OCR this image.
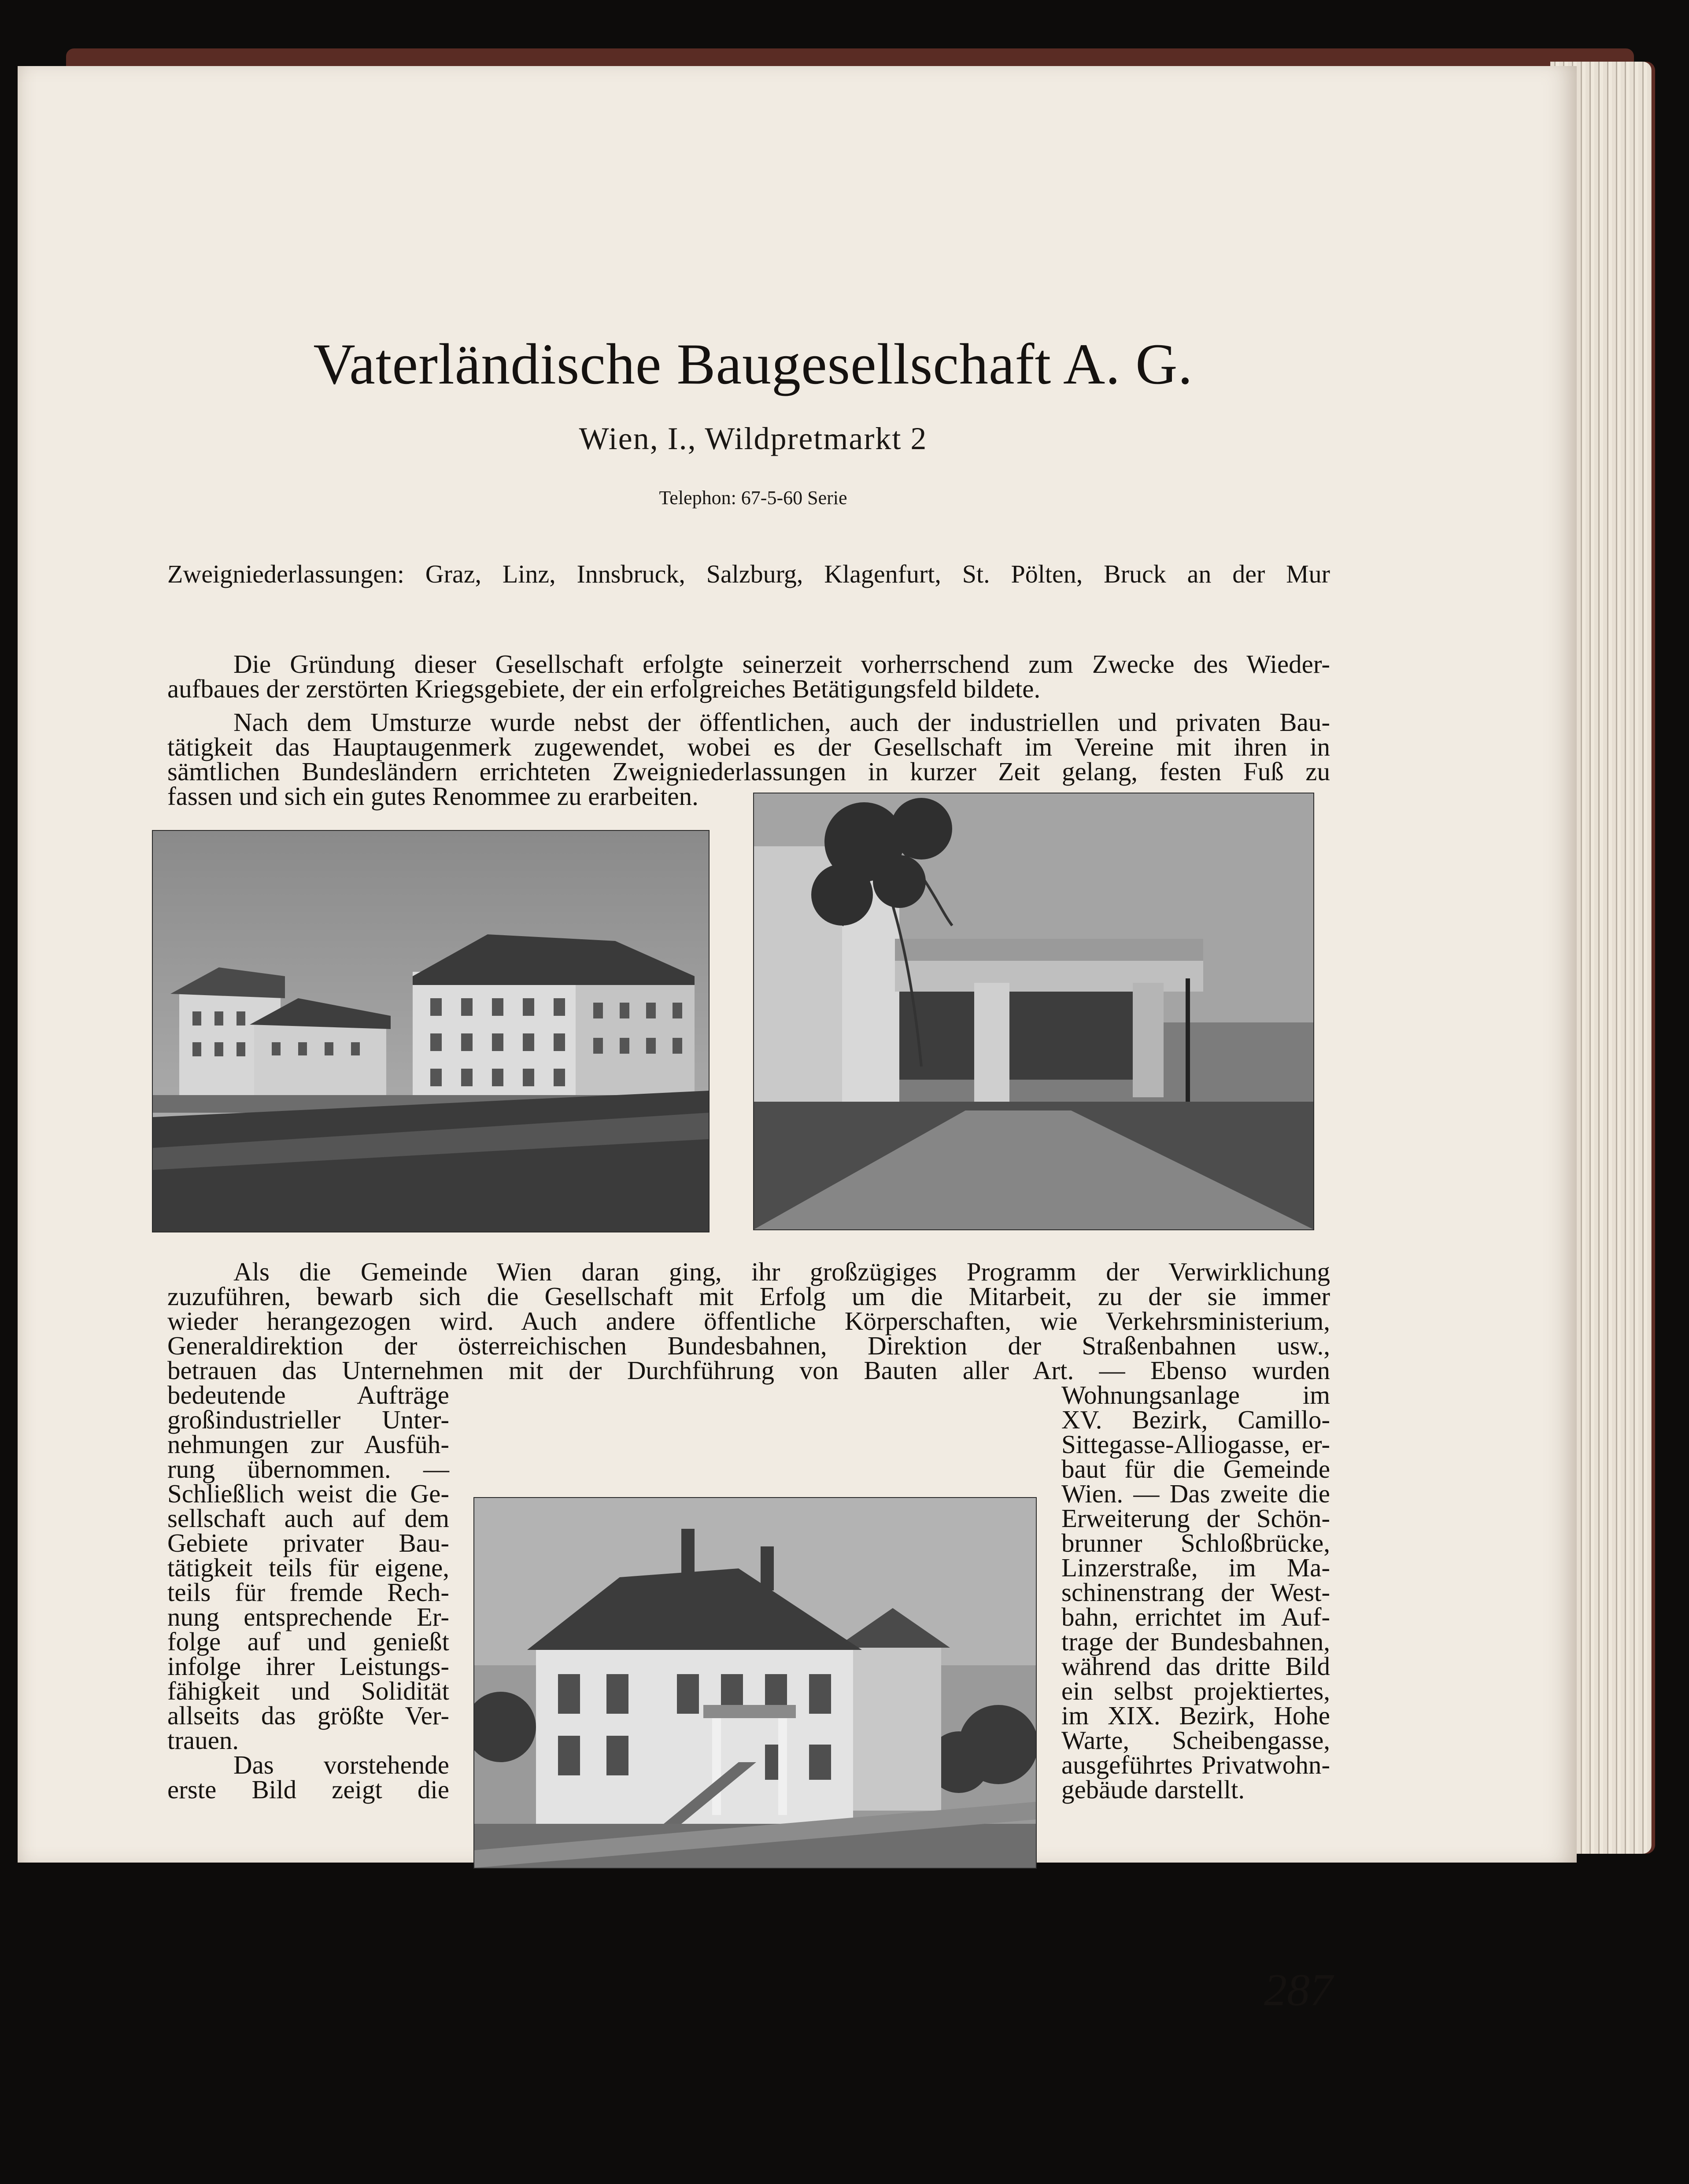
Vaterländische Baugesellschaft A. G.
Wien, I., Wildpretmarkt 2
Telephon: 67-5-60 Serie
Zweigniederlassungen: Graz, Linz, Innsbruck, Salzburg, Klagenfurt, St. Pölten, Bruck an der Mur
Die Gründung dieser Gesellschaft erfolgte seinerzeit vorherrschend zum Zwecke des Wieder-
aufbaues der zerstörten Kriegsgebiete, der ein erfolgreiches Betätigungsfeld bildete.
Nach dem Umsturze wurde nebst der öffentlichen, auch der industriellen und privaten Bau-
tätigkeit das Hauptaugenmerk zugewendet, wobei es der Gesellschaft im Vereine mit ihren in
sämtlichen Bundesländern errichteten Zweigniederlassungen in kurzer Zeit gelang, festen Fuß zu
fassen und sich ein gutes Renommee zu erarbeiten.
Als die Gemeinde Wien daran ging, ihr großzügiges Programm der Verwirklichung
zuzuführen, bewarb sich die Gesellschaft mit Erfolg um die Mitarbeit, zu der sie immer
wieder herangezogen wird. Auch andere öffentliche Körperschaften, wie Verkehrsministerium,
Generaldirektion der österreichischen Bundesbahnen, Direktion der Straßenbahnen usw.,
betrauen das Unternehmen mit der Durchführung von Bauten aller Art. — Ebenso wurden
bedeutende Aufträge
großindustrieller Unter-
nehmungen zur Ausfüh-
rung übernommen. —
Schließlich weist die Ge-
sellschaft auch auf dem
Gebiete privater Bau-
tätigkeit teils für eigene,
teils für fremde Rech-
nung entsprechende Er-
folge auf und genießt
infolge ihrer Leistungs-
fähigkeit und Solidität
allseits das größte Ver-
trauen.
Das vorstehende
erste Bild zeigt die
Wohnungsanlage im
XV. Bezirk, Camillo-
Sittegasse-Alliogasse, er-
baut für die Gemeinde
Wien. — Das zweite die
Erweiterung der Schön-
brunner Schloßbrücke,
Linzerstraße, im Ma-
schinenstrang der West-
bahn, errichtet im Auf-
trage der Bundesbahnen,
während das dritte Bild
ein selbst projektiertes,
im XIX. Bezirk, Hohe
Warte, Scheibengasse,
ausgeführtes Privatwohn-
gebäude darstellt.
287
